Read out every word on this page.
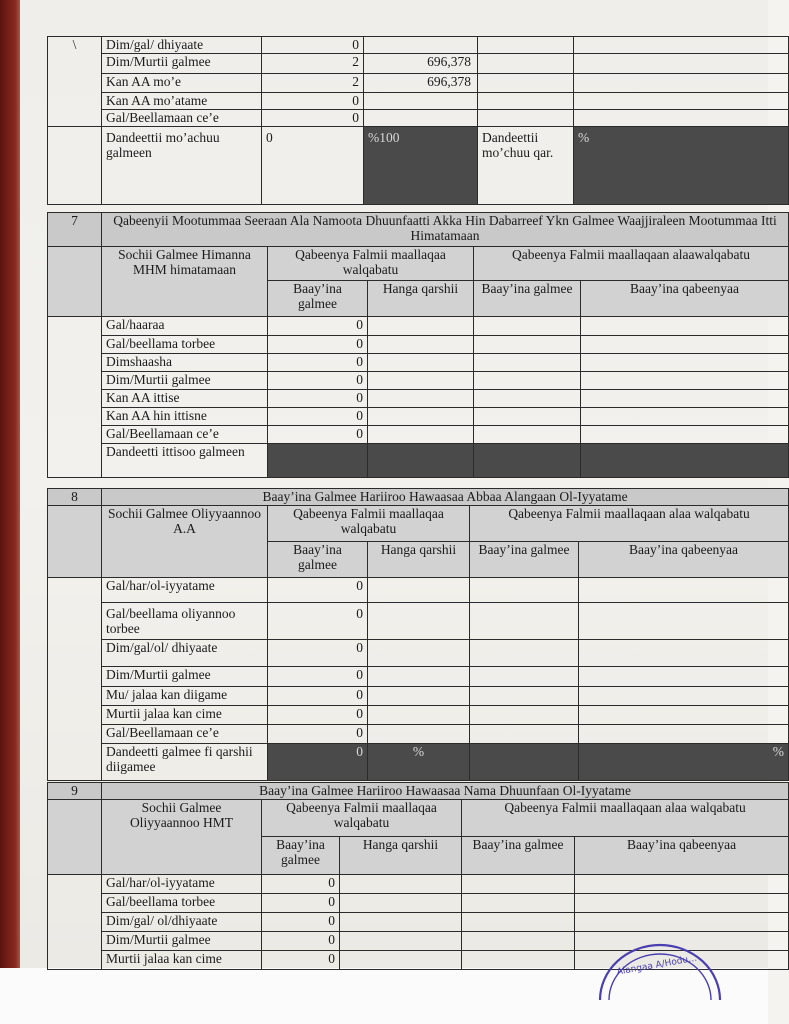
\	Dim/gal/ dhiyaate	0			
	Dim/Murtii galmee	2	696,378		
	Kan AA mo’e	2	696,378		
	Kan AA mo’atame	0			
	Gal/Beellamaan ce’e	0			
	Dandeettii mo’achuu galmeen	0	%100	Dandeettii mo’chuu qar.	%
7	Qabeenyii Mootummaa Seeraan Ala Namoota Dhuunfaatti Akka Hin Dabarreef Ykn Galmee Waajjiraleen Mootummaa Itti Himatamaan				
	Sochii Galmee Himanna MHM himatamaan	Qabeenya Falmii maallaqaa walqabatu		Qabeenya Falmii maallaqaan alaawalqabatu	
		Baay’ina galmee	Hanga qarshii	Baay’ina galmee	Baay’ina qabeenyaa
	Gal/haaraa	0			
	Gal/beellama torbee	0			
	Dimshaasha	0			
	Dim/Murtii galmee	0			
	Kan AA ittise	0			
	Kan AA hin ittisne	0			
	Gal/Beellamaan ce’e	0			
	Dandeetti ittisoo galmeen				
8	Baay’ina Galmee Hariiroo Hawaasaa Abbaa Alangaan Ol-Iyyatame				
	Sochii Galmee Oliyyaannoo A.A	Qabeenya Falmii maallaqaa walqabatu		Qabeenya Falmii maallaqaan alaa walqabatu	
		Baay’ina galmee	Hanga qarshii	Baay’ina galmee	Baay’ina qabeenyaa
	Gal/har/ol-iyyatame	0			
	Gal/beellama oliyannoo torbee	0			
	Dim/gal/ol/ dhiyaate	0			
	Dim/Murtii galmee	0			
	Mu/ jalaa kan diigame	0			
	Murtii jalaa kan cime	0			
	Gal/Beellamaan ce’e	0			
	Dandeetti galmee fi qarshii diigamee	0	%		%
9	Baay’ina Galmee Hariiroo Hawaasaa Nama Dhuunfaan Ol-Iyyatame				
	Sochii Galmee Oliyyaannoo HMT	Qabeenya Falmii maallaqaa walqabatu		Qabeenya Falmii maallaqaan alaa walqabatu	
		Baay’ina galmee	Hanga qarshii	Baay’ina galmee	Baay’ina qabeenyaa
	Gal/har/ol-iyyatame	0			
	Gal/beellama torbee	0			
	Dim/gal/ ol/dhiyaate	0			
	Dim/Murtii galmee	0			
	Murtii jalaa kan cime	0				Alangaa A/Hodu…
